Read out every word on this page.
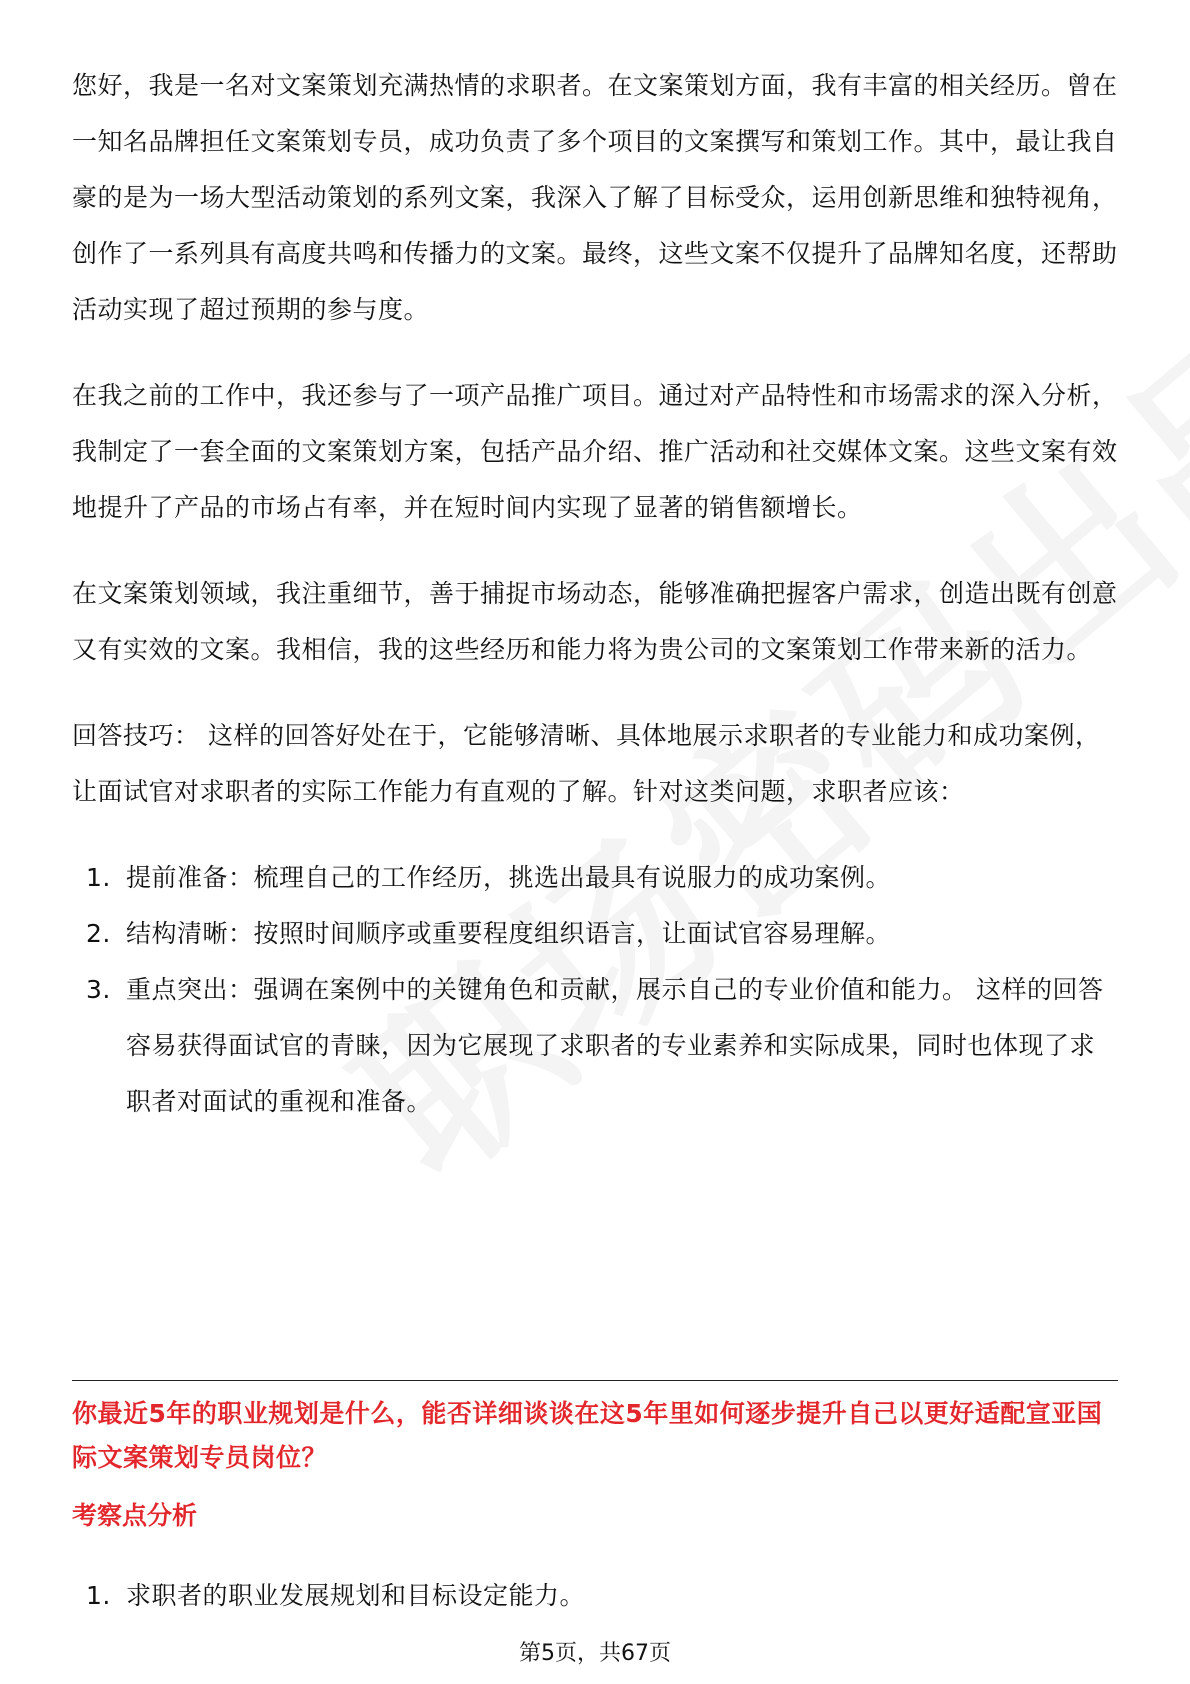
您好，我是一名对文案策划充满热情的求职者。在文案策划方面，我有丰富的相关经历。曾在一知名品牌担任文案策划专员，成功负责了多个项目的文案撰写和策划工作。其中，最让我自豪的是为一场大型活动策划的系列文案，我深入了解了目标受众，运用创新思维和独特视角，创作了一系列具有高度共鸣和传播力的文案。最终，这些文案不仅提升了品牌知名度，还帮助活动实现了超过预期的参与度。

在我之前的工作中，我还参与了一项产品推广项目。通过对产品特性和市场需求的深入分析，我制定了一套全面的文案策划方案，包括产品介绍、推广活动和社交媒体文案。这些文案有效地提升了产品的市场占有率，并在短时间内实现了显著的销售额增长。

在文案策划领域，我注重细节，善于捕捉市场动态，能够准确把握客户需求，创造出既有创意又有实效的文案。我相信，我的这些经历和能力将为贵公司的文案策划工作带来新的活力。

回答技巧： 这样的回答好处在于，它能够清晰、具体地展示求职者的专业能力和成功案例，让面试官对求职者的实际工作能力有直观的了解。针对这类问题，求职者应该：

1. 提前准备：梳理自己的工作经历，挑选出最具有说服力的成功案例。
2. 结构清晰：按照时间顺序或重要程度组织语言，让面试官容易理解。
3. 重点突出：强调在案例中的关键角色和贡献，展示自己的专业价值和能力。 这样的回答容易获得面试官的青睐，因为它展现了求职者的专业素养和实际成果，同时也体现了求职者对面试的重视和准备。
你最近5年的职业规划是什么，能否详细谈谈在这5年里如何逐步提升自己以更好适配宣亚国际文案策划专员岗位？
考察点分析
1. 求职者的职业发展规划和目标设定能力。
第5页，共67页
